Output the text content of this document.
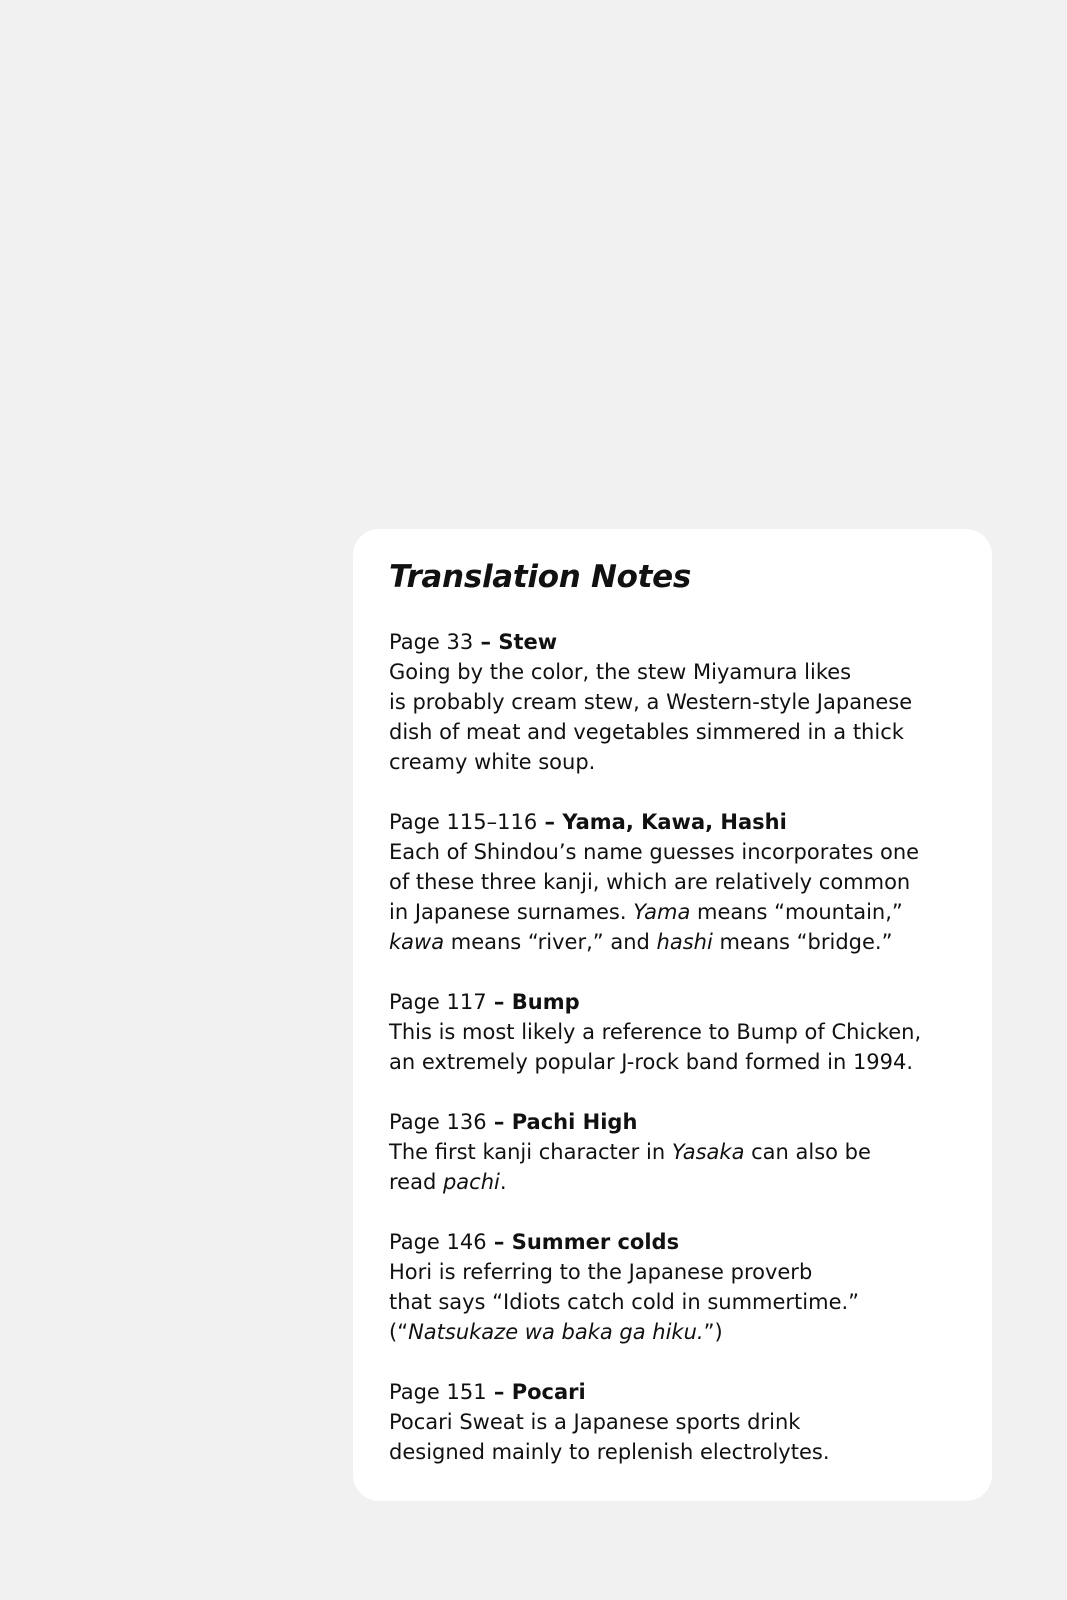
Translation Notes
Page 33 – Stew
Going by the color, the stew Miyamura likes
is probably cream stew, a Western-style Japanese
dish of meat and vegetables simmered in a thick
creamy white soup.
Page 115–116 – Yama, Kawa, Hashi
Each of Shindou’s name guesses incorporates one
of these three kanji, which are relatively common
in Japanese surnames. Yama means “mountain,”
kawa means “river,” and hashi means “bridge.”
Page 117 – Bump
This is most likely a reference to Bump of Chicken,
an extremely popular J-rock band formed in 1994.
Page 136 – Pachi High
The first kanji character in Yasaka can also be
read pachi.
Page 146 – Summer colds
Hori is referring to the Japanese proverb
that says “Idiots catch cold in summertime.”
(“Natsukaze wa baka ga hiku.”)
Page 151 – Pocari
Pocari Sweat is a Japanese sports drink
designed mainly to replenish electrolytes.
